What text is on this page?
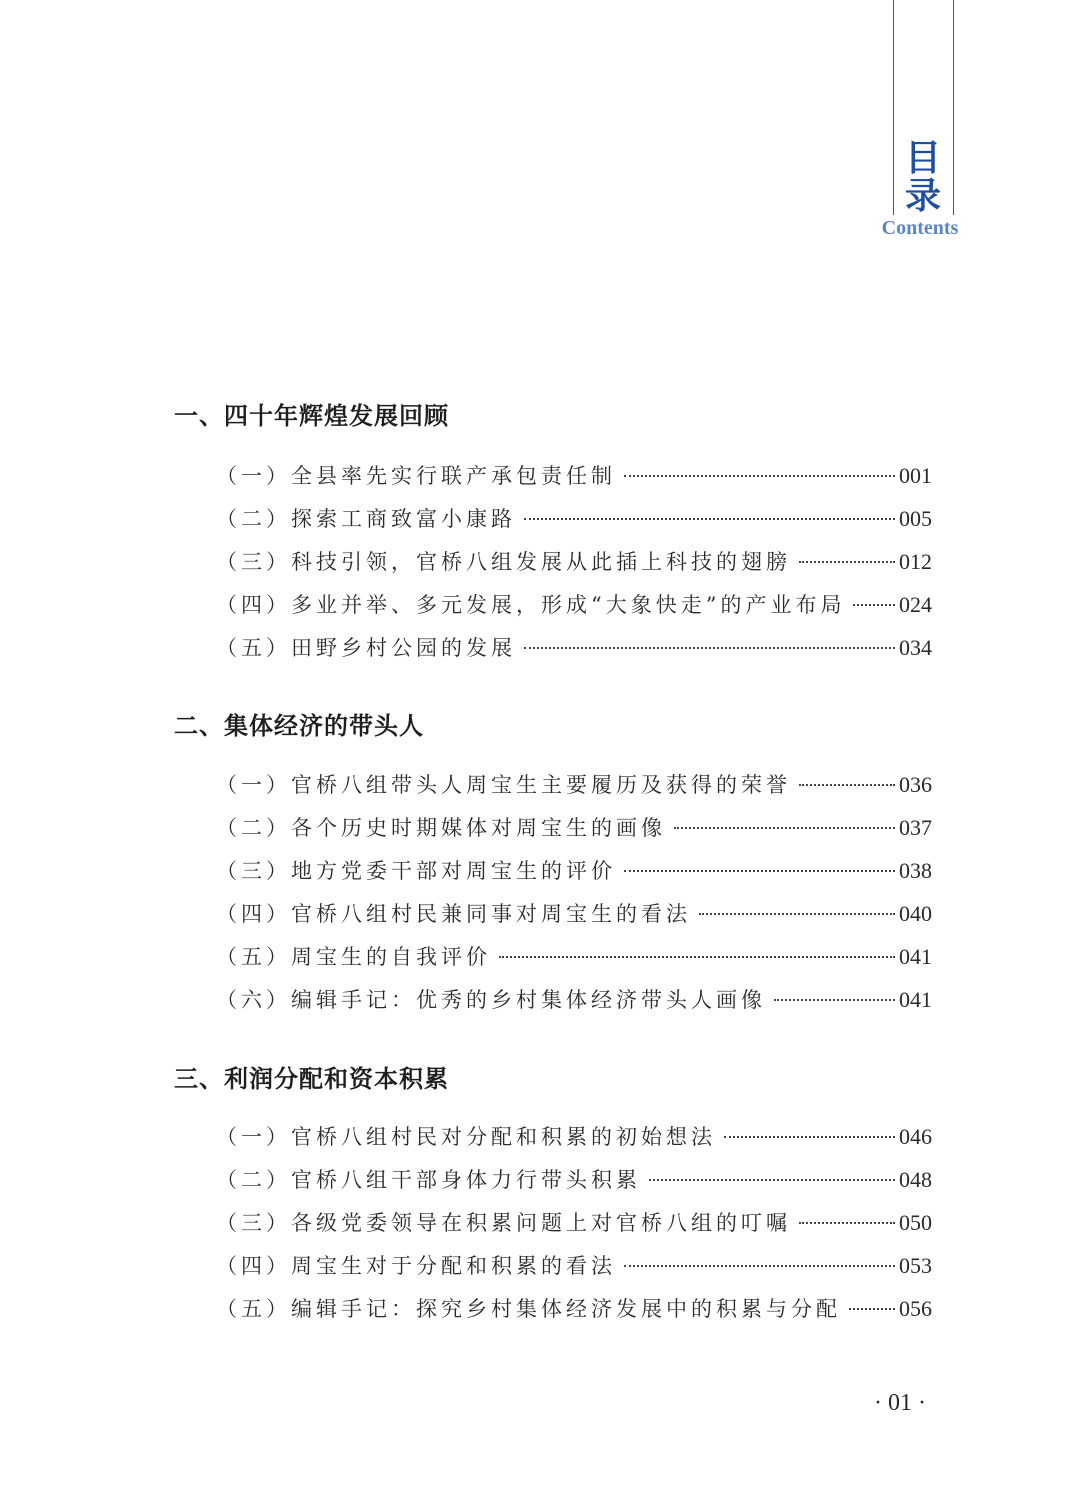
目
录
Contents
一、四十年辉煌发展回顾
（一）全县率先实行联产承包责任制	001
（二）探索工商致富小康路	005
（三）科技引领，官桥八组发展从此插上科技的翅膀	012
（四）多业并举、多元发展，形成“大象快走”的产业布局 024
（五）田野乡村公园的发展	034
二、集体经济的带头人
（一）官桥八组带头人周宝生主要履历及获得的荣誉	036
（二）各个历史时期媒体对周宝生的画像	037
（三）地方党委干部对周宝生的评价	038
（四）官桥八组村民兼同事对周宝生的看法	040
（五）周宝生的自我评价	041
（六）编辑手记：优秀的乡村集体经济带头人画像	041
三、利润分配和资本积累
（一）官桥八组村民对分配和积累的初始想法	046
（二）官桥八组干部身体力行带头积累	048
（三）各级党委领导在积累问题上对官桥八组的叮嘱	050
（四）周宝生对于分配和积累的看法	053
（五）编辑手记：探究乡村集体经济发展中的积累与分配	056
· 01 ·
